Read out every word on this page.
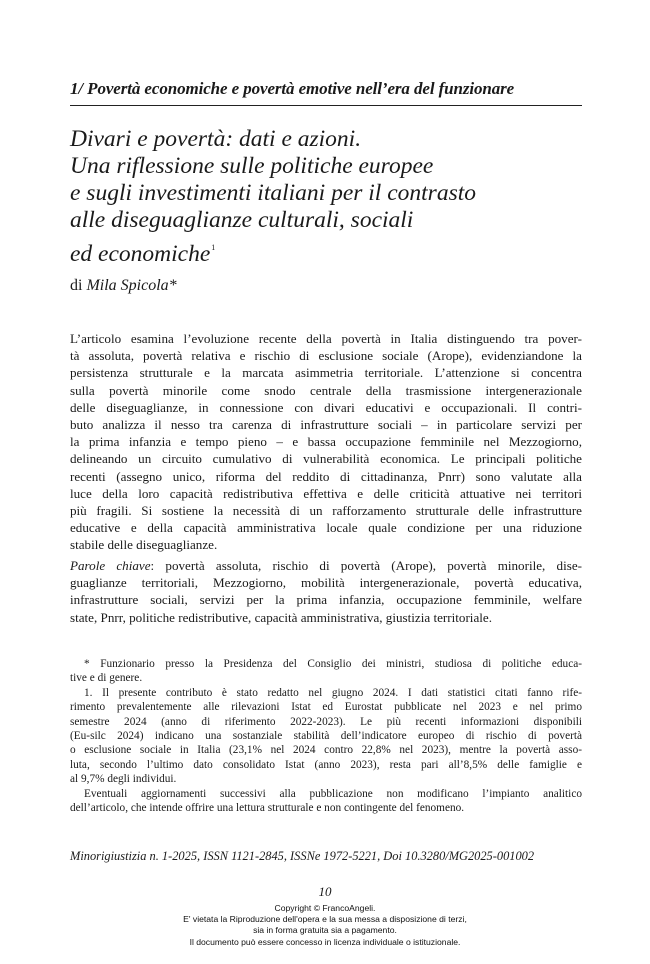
1/ Povertà economiche e povertà emotive nell’era del funzionare
Divari e povertà: dati e azioni.
Una riflessione sulle politiche europee
e sugli investimenti italiani per il contrasto
alle diseguaglianze culturali, sociali
ed economiche$^1$
di Mila Spicola*
L’articolo esamina l’evoluzione recente della povertà in Italia distinguendo tra pover-
tà assoluta, povertà relativa e rischio di esclusione sociale (Arope), evidenziandone la
persistenza strutturale e la marcata asimmetria territoriale. L’attenzione si concentra
sulla povertà minorile come snodo centrale della trasmissione intergenerazionale
delle diseguaglianze, in connessione con divari educativi e occupazionali. Il contri-
buto analizza il nesso tra carenza di infrastrutture sociali – in particolare servizi per
la prima infanzia e tempo pieno – e bassa occupazione femminile nel Mezzogiorno,
delineando un circuito cumulativo di vulnerabilità economica. Le principali politiche
recenti (assegno unico, riforma del reddito di cittadinanza, Pnrr) sono valutate alla
luce della loro capacità redistributiva effettiva e delle criticità attuative nei territori
più fragili. Si sostiene la necessità di un rafforzamento strutturale delle infrastrutture
educative e della capacità amministrativa locale quale condizione per una riduzione
stabile delle diseguaglianze.
Parole chiave: povertà assoluta, rischio di povertà (Arope), povertà minorile, dise-
guaglianze territoriali, Mezzogiorno, mobilità intergenerazionale, povertà educativa,
infrastrutture sociali, servizi per la prima infanzia, occupazione femminile, welfare
state, Pnrr, politiche redistributive, capacità amministrativa, giustizia territoriale.
* Funzionario presso la Presidenza del Consiglio dei ministri, studiosa di politiche educa-
tive e di genere.
1. Il presente contributo è stato redatto nel giugno 2024. I dati statistici citati fanno rife-
rimento prevalentemente alle rilevazioni Istat ed Eurostat pubblicate nel 2023 e nel primo
semestre 2024 (anno di riferimento 2022-2023). Le più recenti informazioni disponibili
(Eu-silc 2024) indicano una sostanziale stabilità dell’indicatore europeo di rischio di povertà
o esclusione sociale in Italia (23,1% nel 2024 contro 22,8% nel 2023), mentre la povertà asso-
luta, secondo l’ultimo dato consolidato Istat (anno 2023), resta pari all’8,5% delle famiglie e
al 9,7% degli individui.
Eventuali aggiornamenti successivi alla pubblicazione non modificano l’impianto analitico
dell’articolo, che intende offrire una lettura strutturale e non contingente del fenomeno.
Minorigiustizia n. 1-2025, ISSN 1121-2845, ISSNe 1972-5221, Doi 10.3280/MG2025-001002
10
Copyright © FrancoAngeli.
E' vietata la Riproduzione dell'opera e la sua messa a disposizione di terzi,
sia in forma gratuita sia a pagamento.
Il documento può essere concesso in licenza individuale o istituzionale.
